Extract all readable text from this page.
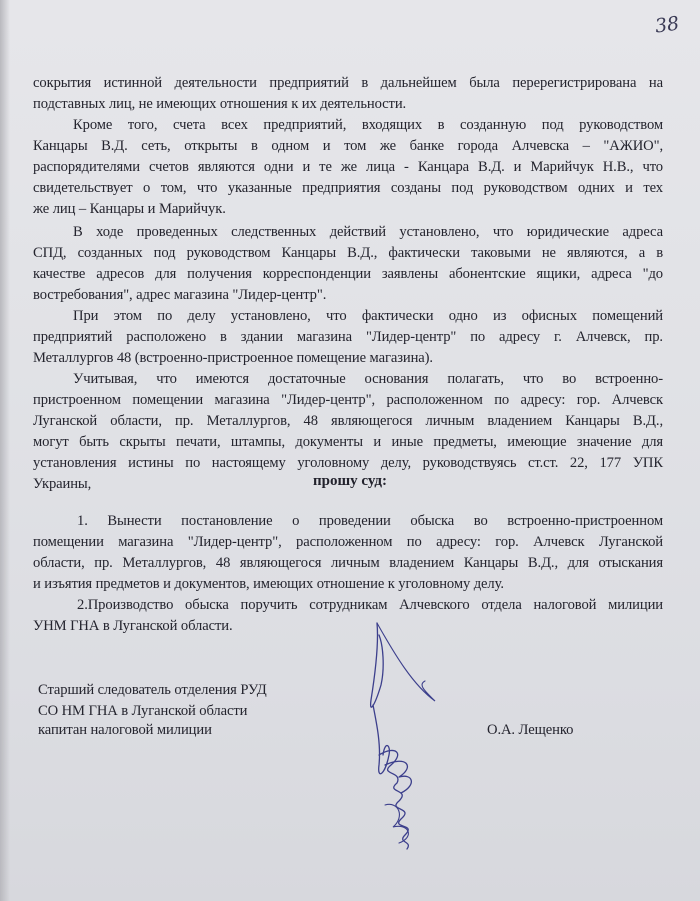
38
сокрытия истинной деятельности предприятий в дальнейшем была перерегистрирована на
подставных лиц, не имеющих отношения к их деятельности.
Кроме того, счета всех предприятий, входящих в созданную под руководством
Канцары В.Д. сеть, открыты в одном и том же банке города Алчевска – "АЖИО",
распорядителями счетов являются одни и те же лица - Канцара В.Д. и Марийчук Н.В., что
свидетельствует о том, что указанные предприятия созданы под руководством одних и тех
же лиц – Канцары и Марийчук.
В ходе проведенных следственных действий установлено, что юридические адреса
СПД, созданных под руководством Канцары В.Д., фактически таковыми не являются, а в
качестве адресов для получения корреспонденции заявлены абонентские ящики, адреса "до
востребования", адрес магазина "Лидер-центр".
При этом по делу установлено, что фактически одно из офисных помещений
предприятий расположено в здании магазина "Лидер-центр" по адресу г. Алчевск, пр.
Металлургов 48 (встроенно-пристроенное помещение магазина).
Учитывая, что имеются достаточные основания полагать, что во встроенно-
пристроенном помещении магазина "Лидер-центр", расположенном по адресу: гор. Алчевск
Луганской области, пр. Металлургов, 48 являющегося личным владением Канцары В.Д.,
могут быть скрыты печати, штампы, документы и иные предметы, имеющие значение для
установления истины по настоящему уголовному делу, руководствуясь ст.ст. 22, 177 УПК
Украины,	прошу суд:
1. Вынести постановление о проведении обыска во встроенно-пристроенном
помещении магазина "Лидер-центр", расположенном по адресу: гор. Алчевск Луганской
области, пр. Металлургов, 48 являющегося личным владением Канцары В.Д., для отыскания
и изъятия предметов и документов, имеющих отношение к уголовному делу.
2.Производство обыска поручить сотрудникам Алчевского отдела налоговой милиции
УНМ ГНА в Луганской области.
Старший следователь отделения РУД
СО НМ ГНА в Луганской области
капитан налоговой милиции	О.А. Лещенко
